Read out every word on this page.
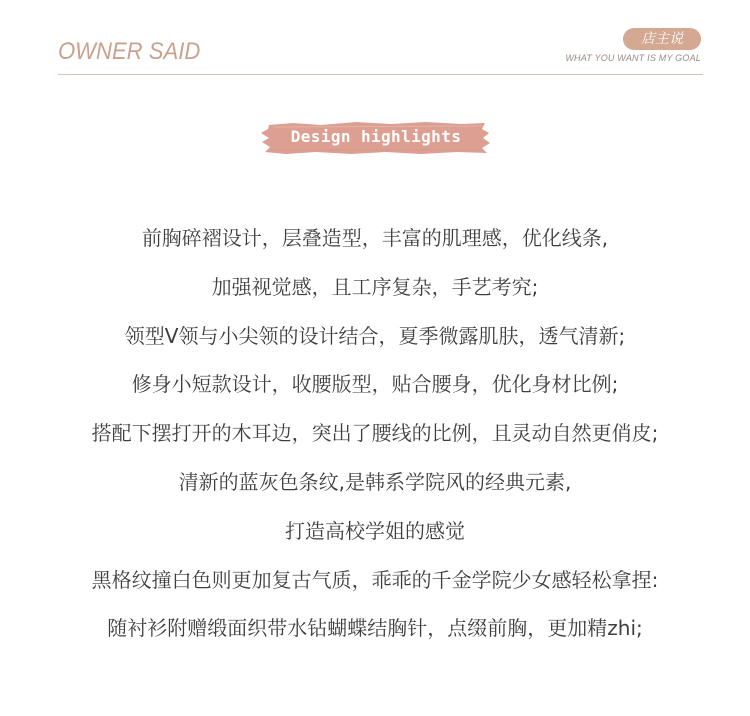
OWNER SAID	店主说
WHAT YOU WANT IS MY GOAL
Design highlights
前胸碎褶设计，层叠造型，丰富的肌理感，优化线条,
加强视觉感，且工序复杂，手艺考究;
领型V领与小尖领的设计结合，夏季微露肌肤，透气清新;
修身小短款设计，收腰版型，贴合腰身，优化身材比例;
搭配下摆打开的木耳边，突出了腰线的比例，且灵动自然更俏皮;
清新的蓝灰色条纹,是韩系学院风的经典元素,
打造高校学姐的感觉
黑格纹撞白色则更加复古气质，乖乖的千金学院少女感轻松拿捏:
随衬衫附赠缎面织带水钻蝴蝶结胸针，点缀前胸，更加精zhi;
